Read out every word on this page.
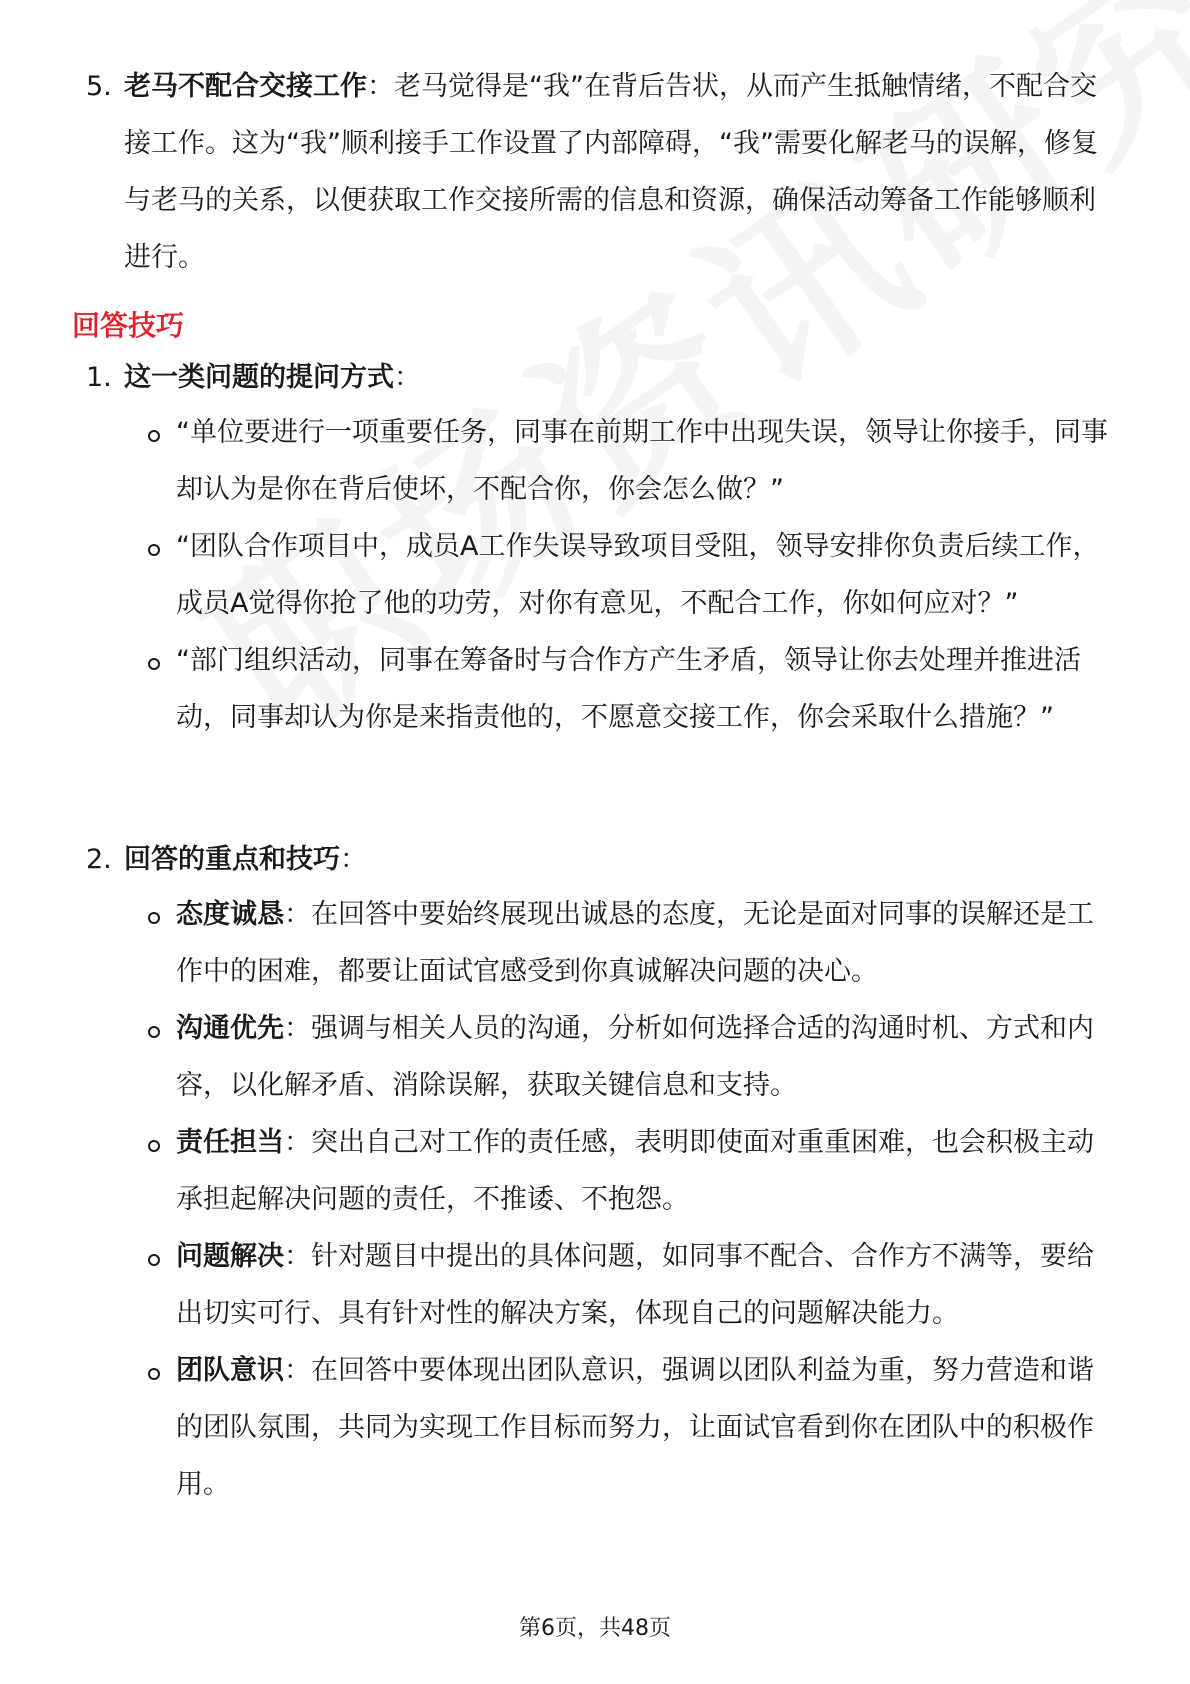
5. 老马不配合交接工作：老马觉得是“我”在背后告状，从而产生抵触情绪，不配合交接工作。这为“我”顺利接手工作设置了内部障碍，“我”需要化解老马的误解，修复与老马的关系，以便获取工作交接所需的信息和资源，确保活动筹备工作能够顺利进行。
回答技巧
1. 这一类问题的提问方式：
“单位要进行一项重要任务，同事在前期工作中出现失误，领导让你接手，同事却认为是你在背后使坏，不配合你，你会怎么做？”
“团队合作项目中，成员A工作失误导致项目受阻，领导安排你负责后续工作，成员A觉得你抢了他的功劳，对你有意见，不配合工作，你如何应对？”
“部门组织活动，同事在筹备时与合作方产生矛盾，领导让你去处理并推进活动，同事却认为你是来指责他的，不愿意交接工作，你会采取什么措施？”
2. 回答的重点和技巧：
态度诚恳：在回答中要始终展现出诚恳的态度，无论是面对同事的误解还是工作中的困难，都要让面试官感受到你真诚解决问题的决心。
沟通优先：强调与相关人员的沟通，分析如何选择合适的沟通时机、方式和内容，以化解矛盾、消除误解，获取关键信息和支持。
责任担当：突出自己对工作的责任感，表明即使面对重重困难，也会积极主动承担起解决问题的责任，不推诿、不抱怨。
问题解决：针对题目中提出的具体问题，如同事不配合、合作方不满等，要给出切实可行、具有针对性的解决方案，体现自己的问题解决能力。
团队意识：在回答中要体现出团队意识，强调以团队利益为重，努力营造和谐的团队氛围，共同为实现工作目标而努力，让面试官看到你在团队中的积极作用。
第6页，共48页
